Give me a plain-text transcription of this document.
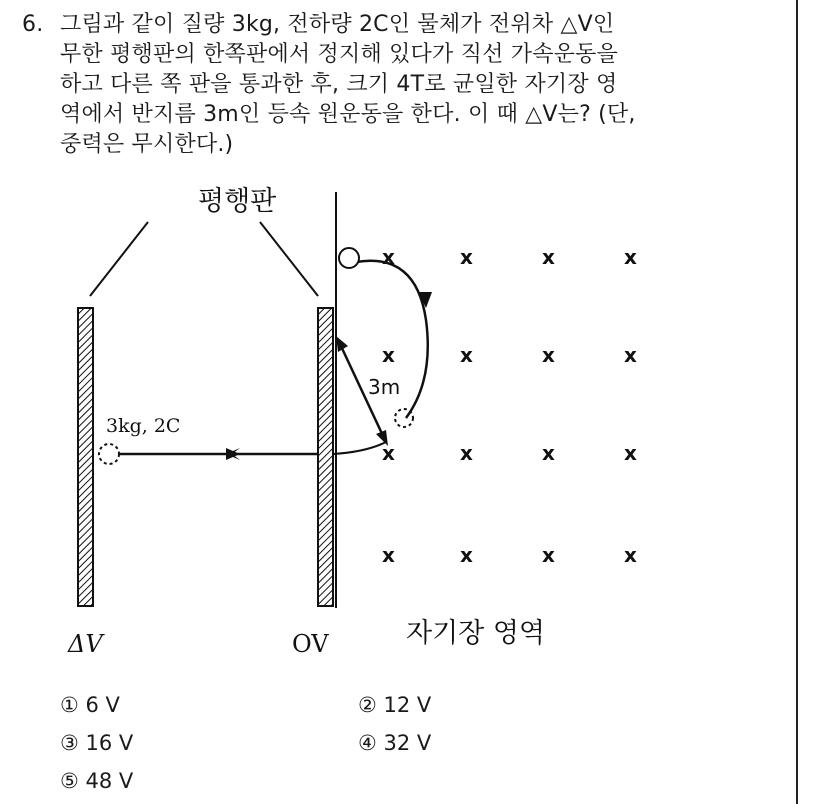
6. 그림과 같이 질량 3kg, 전하량 2C인 물체가 전위차 △V인
무한 평행판의 한쪽판에서 정지해 있다가 직선 가속운동을
하고 다른 쪽 판을 통과한 후, 크기 4T로 균일한 자기장 영
역에서 반지름 3m인 등속 원운동을 한다. 이 때 △V는? (단,
중력은 무시한다.)
평행판
3kg, 2C
3m
x	x	x	x
x	x	x	x
x	x	x	x
x	x	x	x
ΔV	OV	자기장 영역
① 6 V	② 12 V
③ 16 V	④ 32 V
⑤ 48 V
